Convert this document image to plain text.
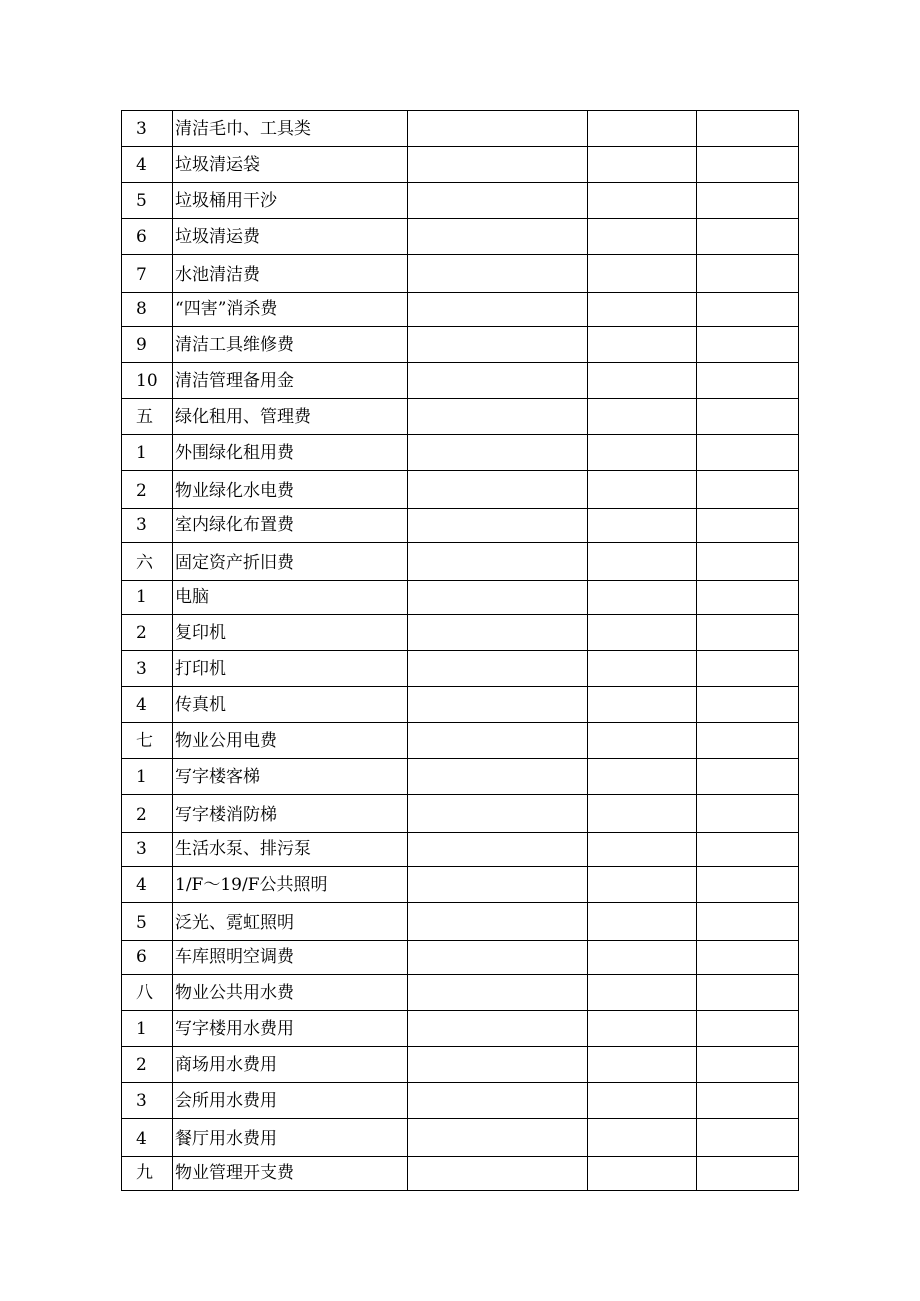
3	清洁毛巾、工具类			
4	垃圾清运袋			
5	垃圾桶用干沙			
6	垃圾清运费			
7	水池清洁费			
8	“四害”消杀费			
9	清洁工具维修费			
10	清洁管理备用金			
五	绿化租用、管理费			
1	外围绿化租用费			
2	物业绿化水电费			
3	室内绿化布置费			
六	固定资产折旧费			
1	电脑			
2	复印机			
3	打印机			
4	传真机			
七	物业公用电费			
1	写字楼客梯			
2	写字楼消防梯			
3	生活水泵、排污泵			
4	1/F～19/F公共照明			
5	泛光、霓虹照明			
6	车库照明空调费			
八	物业公共用水费			
1	写字楼用水费用			
2	商场用水费用			
3	会所用水费用			
4	餐厅用水费用			
九	物业管理开支费			
